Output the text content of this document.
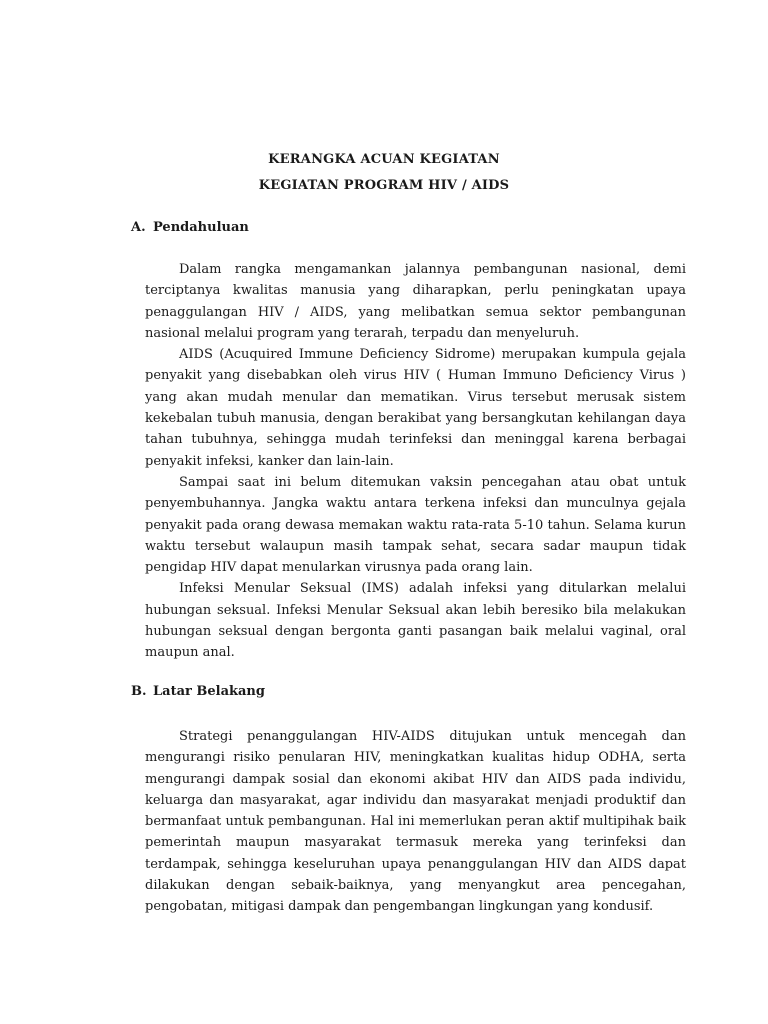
KERANGKA ACUAN KEGIATAN
KEGIATAN PROGRAM HIV / AIDS
A. Pendahuluan

Dalam rangka mengamankan jalannya pembangunan nasional, demi terciptanya kwalitas manusia yang diharapkan, perlu peningkatan upaya penaggulangan HIV / AIDS, yang melibatkan semua sektor pembangunan nasional melalui program yang terarah, terpadu dan menyeluruh.

AIDS (Acuquired Immune Deficiency Sidrome) merupakan kumpula gejala penyakit yang disebabkan oleh virus HIV ( Human Immuno Deficiency Virus ) yang akan mudah menular dan mematikan. Virus tersebut merusak sistem kekebalan tubuh manusia, dengan berakibat yang bersangkutan kehilangan daya tahan tubuhnya, sehingga mudah terinfeksi dan meninggal karena berbagai penyakit infeksi, kanker dan lain-lain.

Sampai saat ini belum ditemukan vaksin pencegahan atau obat untuk penyembuhannya. Jangka waktu antara terkena infeksi dan munculnya gejala penyakit pada orang dewasa memakan waktu rata-rata 5-10 tahun. Selama kurun waktu tersebut walaupun masih tampak sehat, secara sadar maupun tidak pengidap HIV dapat menularkan virusnya pada orang lain.

Infeksi Menular Seksual (IMS) adalah infeksi yang ditularkan melalui hubungan seksual. Infeksi Menular Seksual akan lebih beresiko bila melakukan hubungan seksual dengan bergonta ganti pasangan baik melalui vaginal, oral maupun anal.

B. Latar Belakang

Strategi penanggulangan HIV-AIDS ditujukan untuk mencegah dan mengurangi risiko penularan HIV, meningkatkan kualitas hidup ODHA, serta mengurangi dampak sosial dan ekonomi akibat HIV dan AIDS pada individu, keluarga dan masyarakat, agar individu dan masyarakat menjadi produktif dan bermanfaat untuk pembangunan. Hal ini memerlukan peran aktif multipihak baik pemerintah maupun masyarakat termasuk mereka yang terinfeksi dan terdampak, sehingga keseluruhan upaya penanggulangan HIV dan AIDS dapat dilakukan dengan sebaik-baiknya, yang menyangkut area pencegahan, pengobatan, mitigasi dampak dan pengembangan lingkungan yang kondusif.
